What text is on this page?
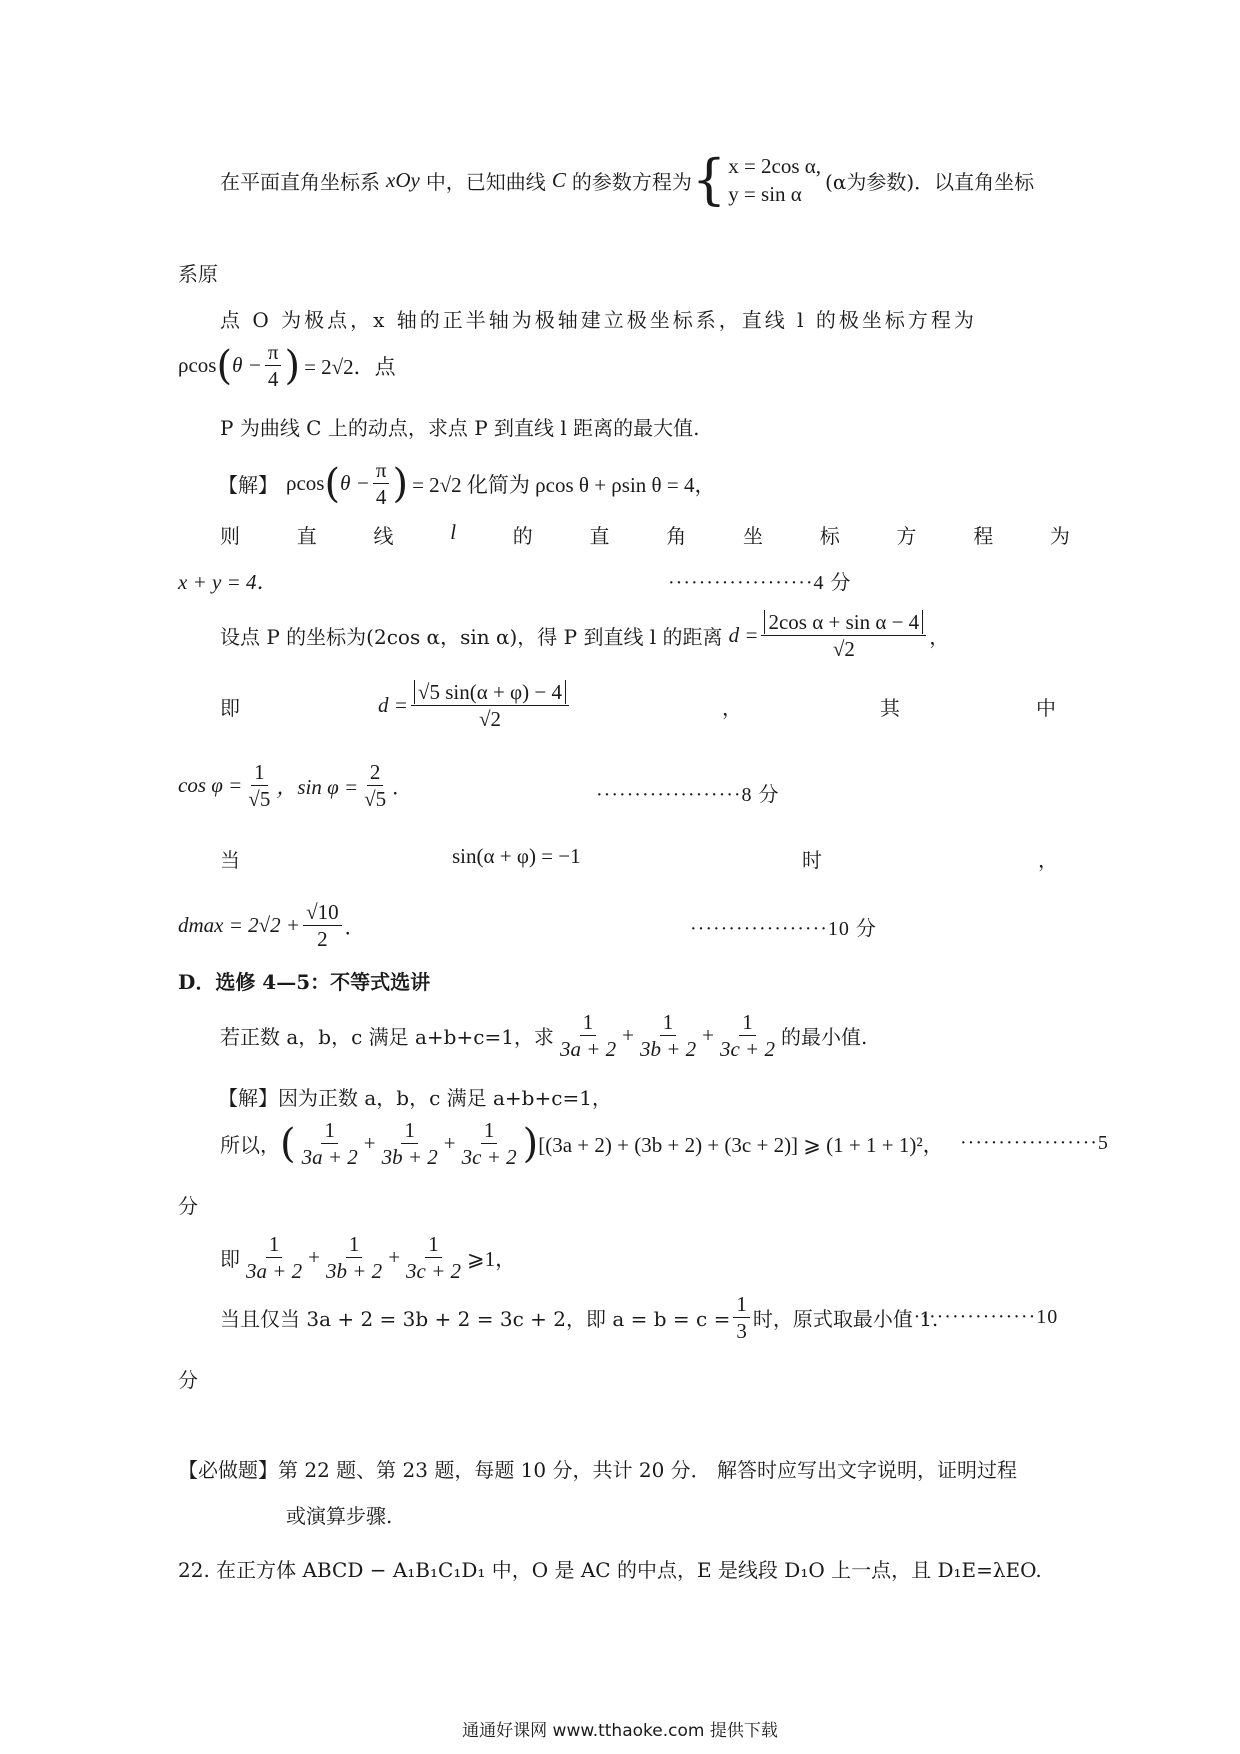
在平面直角坐标系 xOy 中，已知曲线 C 的参数方程为 { x = 2cos α,
y = sin α
(α为参数)．以直角坐标
系原
点 O 为极点，x 轴的正半轴为极轴建立极坐标系，直线 l 的极坐标方程为
ρcos ( $\theta - \frac{\pi}{4}$ ) = 2√2．点
P 为曲线 C 上的动点，求点 P 到直线 l 距离的最大值.
【解】 ρcos ( $\theta - \frac{\pi}{4}$ ) = 2√2 化简为 ρcos θ + ρsin θ = 4，
则	直	线	l	的	直	角	坐	标	方	程	为
x + y = 4．	···················4 分
设点 P 的坐标为(2cos α，sin α)，得 P 到直线 l 的距离 $d = \frac{\text{2cos α + sin α − 4}}{√2}$ ，
即	$d = \frac{√5 \sin(\alpha + \varphi) - 4}{√2}$	，	其	中
$\cos \varphi = \frac{1}{√5}$ ，$\sin \varphi = \frac{2}{√5}$ ．	···················8 分
当	sin(α + φ) = −1	时	，
$dmax = 2√2 + \frac{√10}{2}$ ．	··················10 分
D．选修 4—5：不等式选讲
若正数 a，b，c 满足 a+b+c=1，求 $\frac{1}{3a + 2} + \frac{1}{3b + 2} + \frac{1}{3c + 2}$ 的最小值.
【解】因为正数 a，b，c 满足 a+b+c=1，
所以， ( $\frac{1}{3a + 2} + \frac{1}{3b + 2} + \frac{1}{3c + 2}$ ) [(3a + 2) + (3b + 2) + (3c + 2)] ⩾ (1 + 1 + 1)²， ··················5
分
即 $\frac{1}{3a + 2} + \frac{1}{3b + 2} + \frac{1}{3c + 2}$ ⩾1，
当且仅当 3a + 2 = 3b + 2 = 3c + 2，即 $a = b = c = \frac{1}{3}$ 时，原式取最小值 1.
·················10
分
【必做题】第 22 题、第 23 题，每题 10 分，共计 20 分． 解答时应写出文字说明，证明过程
或演算步骤.
22. 在正方体 ABCD − A₁B₁C₁D₁ 中，O 是 AC 的中点，E 是线段 D₁O 上一点，且 D₁E=λEO.
通通好课网 www.tthaoke.com 提供下载
